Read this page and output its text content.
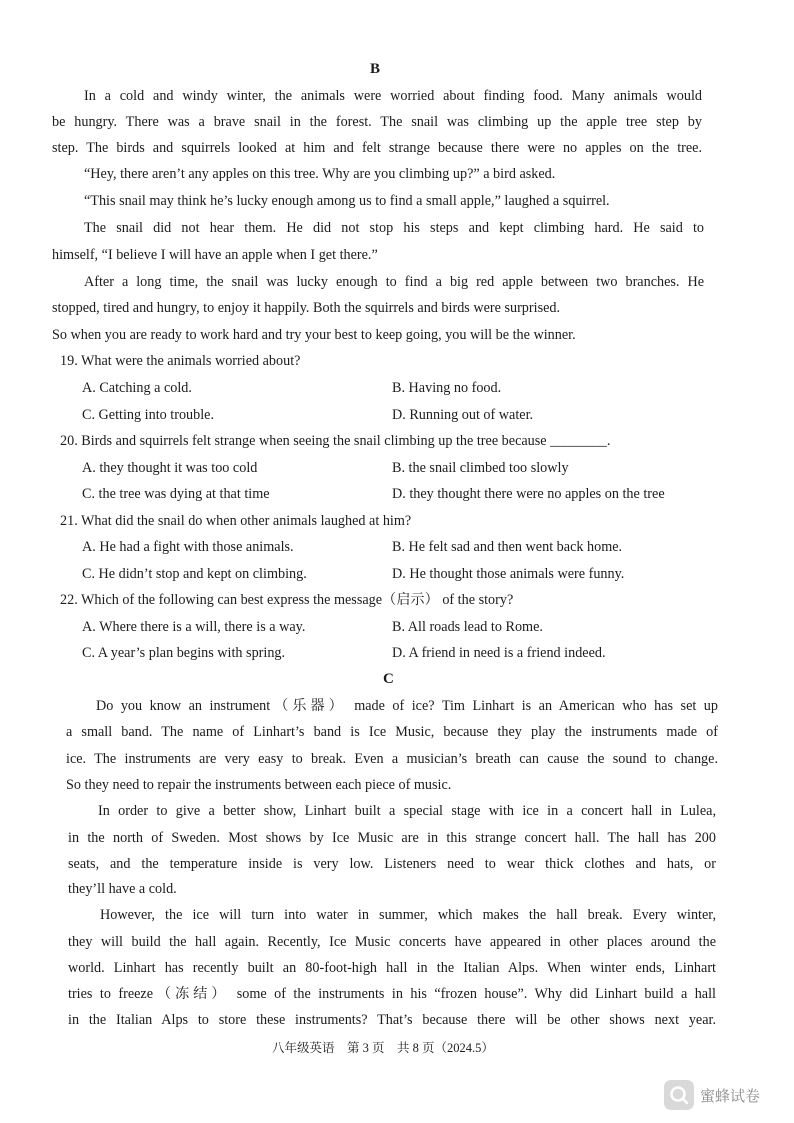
B
In a cold and windy winter, the animals were worried about finding food. Many animals would
be hungry. There was a brave snail in the forest. The snail was climbing up the apple tree step by
step. The birds and squirrels looked at him and felt strange because there were no apples on the tree.
“Hey, there aren’t any apples on this tree. Why are you climbing up?” a bird asked.
“This snail may think he’s lucky enough among us to find a small apple,” laughed a squirrel.
The snail did not hear them. He did not stop his steps and kept climbing hard. He said to
himself, “I believe I will have an apple when I get there.”
After a long time, the snail was lucky enough to find a big red apple between two branches. He
stopped, tired and hungry, to enjoy it happily. Both the squirrels and birds were surprised.
So when you are ready to work hard and try your best to keep going, you will be the winner.
19. What were the animals worried about?
A. Catching a cold.	B. Having no food.
C. Getting into trouble.	D. Running out of water.
20. Birds and squirrels felt strange when seeing the snail climbing up the tree because ________.
A. they thought it was too cold	B. the snail climbed too slowly
C. the tree was dying at that time	D. they thought there were no apples on the tree
21. What did the snail do when other animals laughed at him?
A. He had a fight with those animals.	B. He felt sad and then went back home.
C. He didn’t stop and kept on climbing.	D. He thought those animals were funny.
22. Which of the following can best express the message（启示） of the story?
A. Where there is a will, there is a way.	B. All roads lead to Rome.
C. A year’s plan begins with spring.	D. A friend in need is a friend indeed.
C
Do you know an instrument（乐器） made of ice? Tim Linhart is an American who has set up
a small band. The name of Linhart’s band is Ice Music, because they play the instruments made of
ice. The instruments are very easy to break. Even a musician’s breath can cause the sound to change.
So they need to repair the instruments between each piece of music.
In order to give a better show, Linhart built a special stage with ice in a concert hall in Lulea,
in the north of Sweden. Most shows by Ice Music are in this strange concert hall. The hall has 200
seats, and the temperature inside is very low. Listeners need to wear thick clothes and hats, or
they’ll have a cold.
However, the ice will turn into water in summer, which makes the hall break. Every winter,
they will build the hall again. Recently, Ice Music concerts have appeared in other places around the
world. Linhart has recently built an 80-foot-high hall in the Italian Alps. When winter ends, Linhart
tries to freeze（冻结） some of the instruments in his “frozen house”. Why did Linhart build a hall
in the Italian Alps to store these instruments? That’s because there will be other shows next year.
八年级英语　第 3 页　共 8 页（2024.5）
蜜蜂试卷
